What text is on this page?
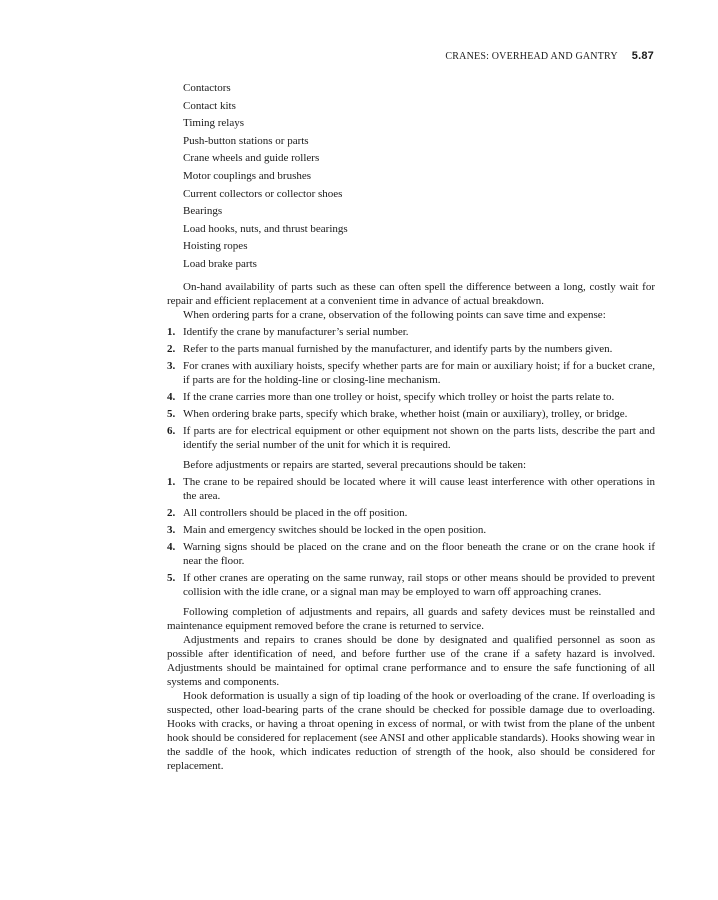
CRANES: OVERHEAD AND GANTRY 5.87
Contactors
Contact kits
Timing relays
Push-button stations or parts
Crane wheels and guide rollers
Motor couplings and brushes
Current collectors or collector shoes
Bearings
Load hooks, nuts, and thrust bearings
Hoisting ropes
Load brake parts

On-hand availability of parts such as these can often spell the difference between a long, costly wait for repair and efficient replacement at a convenient time in advance of actual breakdown.

When ordering parts for a crane, observation of the following points can save time and expense:

1. Identify the crane by manufacturer’s serial number.
2. Refer to the parts manual furnished by the manufacturer, and identify parts by the numbers given.
3. For cranes with auxiliary hoists, specify whether parts are for main or auxiliary hoist; if for a bucket crane, if parts are for the holding-line or closing-line mechanism.
4. If the crane carries more than one trolley or hoist, specify which trolley or hoist the parts relate to.
5. When ordering brake parts, specify which brake, whether hoist (main or auxiliary), trolley, or bridge.
6. If parts are for electrical equipment or other equipment not shown on the parts lists, describe the part and identify the serial number of the unit for which it is required.

Before adjustments or repairs are started, several precautions should be taken:

1. The crane to be repaired should be located where it will cause least interference with other operations in the area.
2. All controllers should be placed in the off position.
3. Main and emergency switches should be locked in the open position.
4. Warning signs should be placed on the crane and on the floor beneath the crane or on the crane hook if near the floor.
5. If other cranes are operating on the same runway, rail stops or other means should be provided to prevent collision with the idle crane, or a signal man may be employed to warn off approaching cranes.

Following completion of adjustments and repairs, all guards and safety devices must be reinstalled and maintenance equipment removed before the crane is returned to service.

Adjustments and repairs to cranes should be done by designated and qualified personnel as soon as possible after identification of need, and before further use of the crane if a safety hazard is involved. Adjustments should be maintained for optimal crane performance and to ensure the safe functioning of all systems and components.

Hook deformation is usually a sign of tip loading of the hook or overloading of the crane. If overloading is suspected, other load-bearing parts of the crane should be checked for possible damage due to overloading. Hooks with cracks, or having a throat opening in excess of normal, or with twist from the plane of the unbent hook should be considered for replacement (see ANSI and other applicable standards). Hooks showing wear in the saddle of the hook, which indicates reduction of strength of the hook, also should be considered for replacement.
